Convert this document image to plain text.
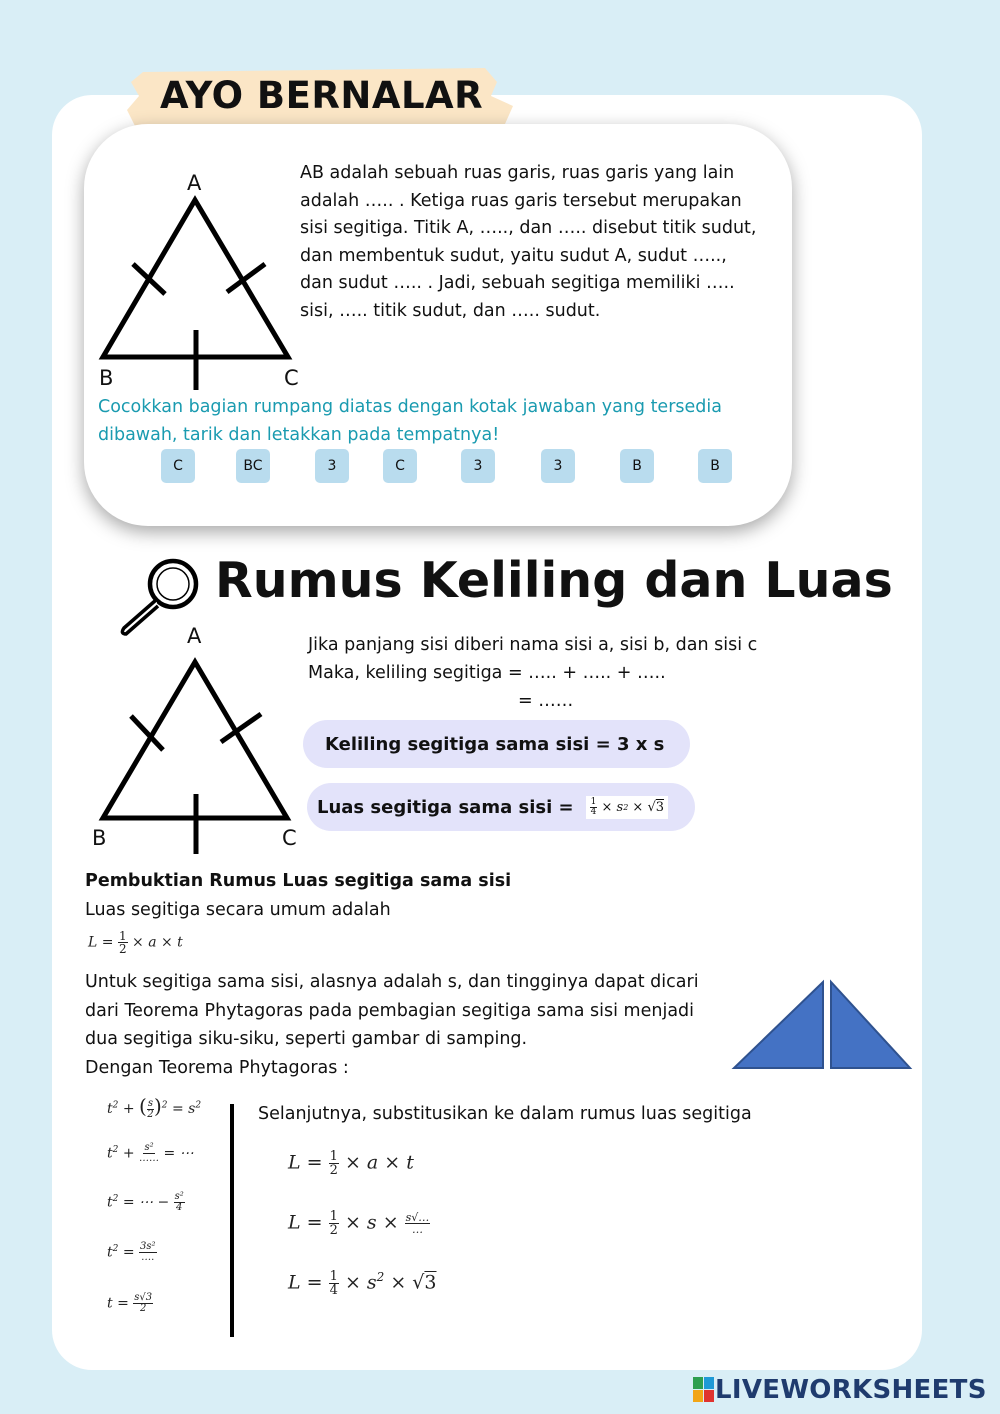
AYO BERNALAR
A
B	C
AB adalah sebuah ruas garis, ruas garis yang lain
adalah ….. . Ketiga ruas garis tersebut merupakan
sisi segitiga. Titik A, ….., dan ….. disebut titik sudut,
dan membentuk sudut, yaitu sudut A, sudut …..,
dan sudut ….. . Jadi, sebuah segitiga memiliki …..
sisi, ….. titik sudut, dan ….. sudut.
Cocokkan bagian rumpang diatas dengan kotak jawaban yang tersedia
dibawah, tarik dan letakkan pada tempatnya!
C	BC	3	C	3	3	B	B
Rumus Keliling dan Luas
A
B	C
Jika panjang sisi diberi nama sisi a, sisi b, dan sisi c
Maka, keliling segitiga = ….. + ….. + …..
= ……
Keliling segitiga sama sisi = 3 x s
Luas segitiga sama sisi = $\frac{1}{4} \times s$ 2 × √ 3
Pembuktian Rumus Luas segitiga sama sisi
Luas segitiga secara umum adalah
$L = \frac{1}{2} \times a \times t$
Untuk segitiga sama sisi, alasnya adalah s, dan tingginya dapat dicari
dari Teorema Phytagoras pada pembagian segitiga sama sisi menjadi
dua segitiga siku-siku, seperti gambar di samping.
Dengan Teorema Phytagoras :
$t^2$ + ( $\frac{s}{2} )^2 = s^2$
$t^2 + \frac{\text{s²}}{\dots\dots}$ = ⋯
$t^2$ = ⋯ − $\frac{\text{s²}}{4}$
$t^2 = \frac{\text{3s²}}{\dots.}$
$t = \frac{s√3}{2}$
Selanjutnya, substitusikan ke dalam rumus luas segitiga
$L = \frac{1}{2} \times a \times t$
$L = \frac{1}{2} \times s \times \frac{s√\dots}{\dots}$
$L = \frac{1}{4} \times s^2 \times √3$
LIVEWORKSHEETS
